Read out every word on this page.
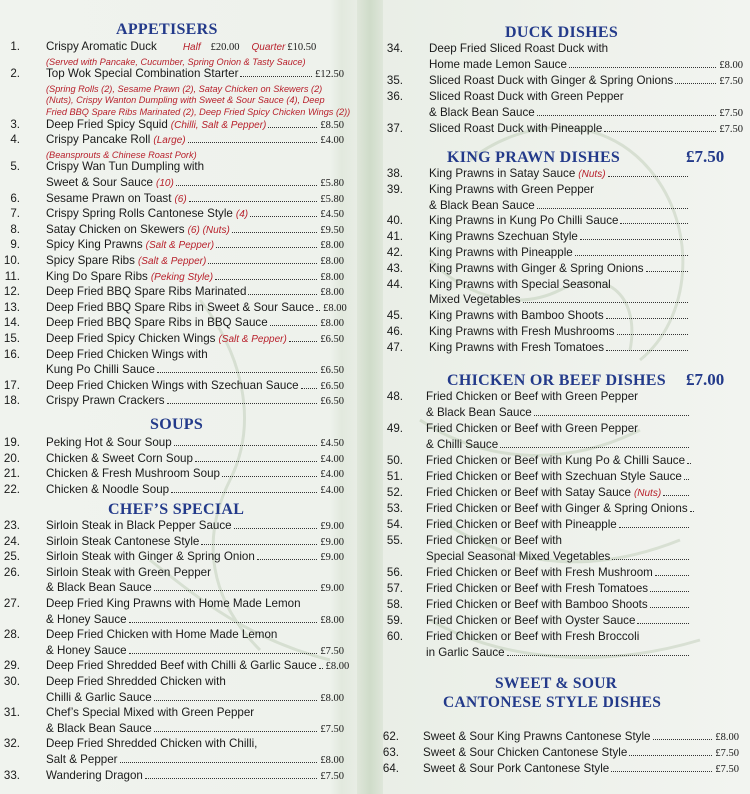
APPETISERS
1. Crispy Aromatic Duck	Half £20.00 Quarter £10.50
(Served with Pancake, Cucumber, Spring Onion & Tasty Sauce)
2. Top Wok Special Combination Starter	£12.50
(Spring Rolls (2), Sesame Prawn (2), Satay Chicken on Skewers (2)
(Nuts), Crispy Wanton Dumpling with Sweet & Sour Sauce (4), Deep
Fried BBQ Spare Ribs Marinated (2), Deep Fried Spicy Chicken Wings (2))
3. Deep Fried Spicy Squid (Chilli, Salt & Pepper)	£8.50
4. Crispy Pancake Roll (Large)	£4.00
(Beansprouts & Chinese Roast Pork)
5. Crispy Wan Tun Dumpling with
Sweet & Sour Sauce (10)	£5.80
6. Sesame Prawn on Toast (6)	£5.80
7. Crispy Spring Rolls Cantonese Style (4)	£4.50
8. Satay Chicken on Skewers (6) (Nuts)	£9.50
9. Spicy King Prawns (Salt & Pepper)	£8.00
10. Spicy Spare Ribs (Salt & Pepper)	£8.00
11. King Do Spare Ribs (Peking Style)	£8.00
12. Deep Fried BBQ Spare Ribs Marinated	£8.00
13. Deep Fried BBQ Spare Ribs in Sweet & Sour Sauce £8.00
14. Deep Fried BBQ Spare Ribs in BBQ Sauce	£8.00
15. Deep Fried Spicy Chicken Wings (Salt & Pepper)	£6.50
16. Deep Fried Chicken Wings with
Kung Po Chilli Sauce	£6.50
17. Deep Fried Chicken Wings with Szechuan Sauce £6.50
18. Crispy Prawn Crackers	£6.50
SOUPS
19. Peking Hot & Sour Soup	£4.50
20. Chicken & Sweet Corn Soup	£4.00
21. Chicken & Fresh Mushroom Soup	£4.00
22. Chicken & Noodle Soup	£4.00
CHEF’S SPECIAL
23. Sirloin Steak in Black Pepper Sauce	£9.00
24. Sirloin Steak Cantonese Style	£9.00
25. Sirloin Steak with Ginger & Spring Onion	£9.00
26. Sirloin Steak with Green Pepper
& Black Bean Sauce	£9.00
27. Deep Fried King Prawns with Home Made Lemon
& Honey Sauce	£8.00
28. Deep Fried Chicken with Home Made Lemon
& Honey Sauce	£7.50
29. Deep Fried Shredded Beef with Chilli & Garlic Sauce £8.00
30. Deep Fried Shredded Chicken with
Chilli & Garlic Sauce	£8.00
31. Chef’s Special Mixed with Green Pepper
& Black Bean Sauce	£7.50
32. Deep Fried Shredded Chicken with Chilli,
Salt & Pepper	£8.00
33. Wandering Dragon	£7.50
DUCK DISHES
34. Deep Fried Sliced Roast Duck with
Home made Lemon Sauce	£8.00
35. Sliced Roast Duck with Ginger & Spring Onions	£7.50
36. Sliced Roast Duck with Green Pepper
& Black Bean Sauce	£7.50
37. Sliced Roast Duck with Pineapple	£7.50
KING PRAWN DISHES	£7.50
38. King Prawns in Satay Sauce (Nuts)
39. King Prawns with Green Pepper
& Black Bean Sauce
40. King Prawns in Kung Po Chilli Sauce
41. King Prawns Szechuan Style
42. King Prawns with Pineapple
43. King Prawns with Ginger & Spring Onions
44. King Prawns with Special Seasonal
Mixed Vegetables
45. King Prawns with Bamboo Shoots
46. King Prawns with Fresh Mushrooms
47. King Prawns with Fresh Tomatoes
CHICKEN OR BEEF DISHES £7.00
48. Fried Chicken or Beef with Green Pepper
& Black Bean Sauce
49. Fried Chicken or Beef with Green Pepper
& Chilli Sauce
50. Fried Chicken or Beef with Kung Po & Chilli Sauce
51. Fried Chicken or Beef with Szechuan Style Sauce
52. Fried Chicken or Beef with Satay Sauce (Nuts)
53. Fried Chicken or Beef with Ginger & Spring Onions
54. Fried Chicken or Beef with Pineapple
55. Fried Chicken or Beef with
Special Seasonal Mixed Vegetables
56. Fried Chicken or Beef with Fresh Mushroom
57. Fried Chicken or Beef with Fresh Tomatoes
58. Fried Chicken or Beef with Bamboo Shoots
59. Fried Chicken or Beef with Oyster Sauce
60. Fried Chicken or Beef with Fresh Broccoli
in Garlic Sauce
SWEET & SOUR
CANTONESE STYLE DISHES
62. Sweet & Sour King Prawns Cantonese Style	£8.00
63. Sweet & Sour Chicken Cantonese Style	£7.50
64. Sweet & Sour Pork Cantonese Style	£7.50
